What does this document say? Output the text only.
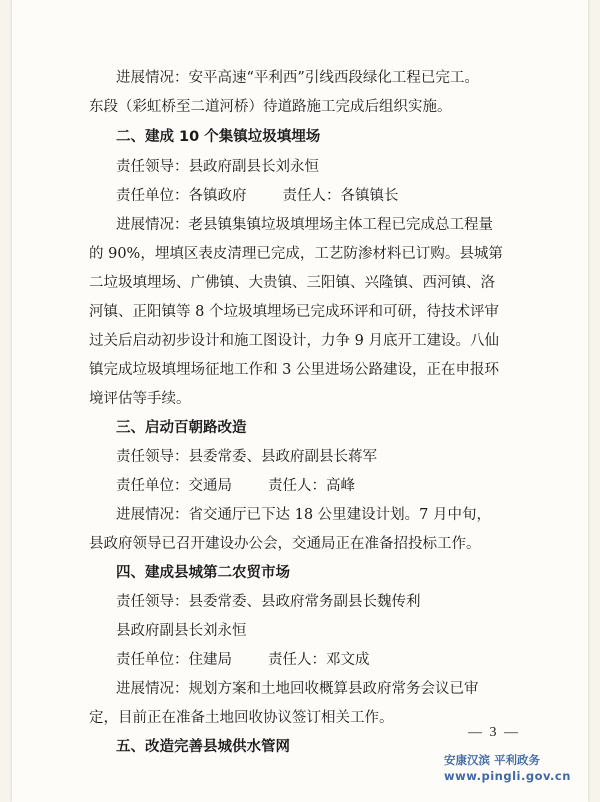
进展情况：安平高速“平利西”引线西段绿化工程已完工。
东段（彩虹桥至二道河桥）待道路施工完成后组织实施。
二、建成 10 个集镇垃圾填埋场
责任领导：县政府副县长刘永恒
责任单位：各镇政府 责任人：各镇镇长
进展情况：老县镇集镇垃圾填埋场主体工程已完成总工程量
的 90%，埋填区表皮清理已完成，工艺防渗材料已订购。县城第
二垃圾填埋场、广佛镇、大贵镇、三阳镇、兴隆镇、西河镇、洛
河镇、正阳镇等 8 个垃圾填埋场已完成环评和可研，待技术评审
过关后启动初步设计和施工图设计，力争 9 月底开工建设。八仙
镇完成垃圾填埋场征地工作和 3 公里进场公路建设，正在申报环
境评估等手续。
三、启动百朝路改造
责任领导：县委常委、县政府副县长蒋军
责任单位：交通局 责任人：高峰
进展情况：省交通厅已下达 18 公里建设计划。7 月中旬，
县政府领导已召开建设办公会，交通局正在准备招投标工作。
四、建成县城第二农贸市场
责任领导：县委常委、县政府常务副县长魏传利
县政府副县长刘永恒
责任单位：住建局 责任人：邓文成
进展情况：规划方案和土地回收概算县政府常务会议已审
定，目前正在准备土地回收协议签订相关工作。
五、改造完善县城供水管网
— 3 —
安康汉滨 平利政务
www.pingli.gov.cn
